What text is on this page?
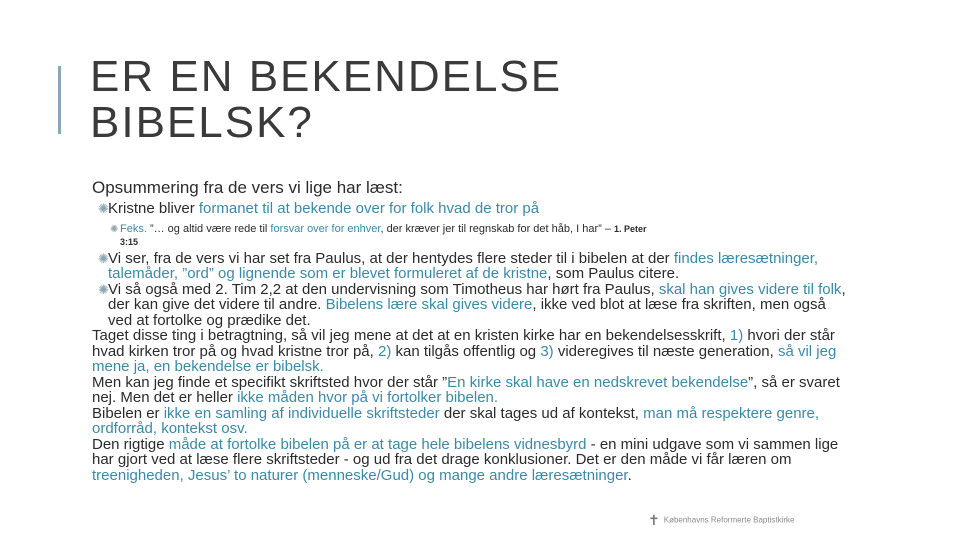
ER EN BEKENDELSE
BIBELSK?

Opsummering fra de vers vi lige har læst:

✺ Kristne bliver formanet til at bekende over for folk hvad de tror på

✺ Feks. ”… og altid være rede til forsvar over for enhver, der kræver jer til regnskab for det håb, I har” – 1. Peter
3:15

✺ Vi ser, fra de vers vi har set fra Paulus, at der hentydes flere steder til i bibelen at der findes læresætninger, talemåder, ”ord” og lignende som er blevet formuleret af de kristne, som Paulus citere.

✺ Vi så også med 2. Tim 2,2 at den undervisning som Timotheus har hørt fra Paulus, skal han gives videre til folk, der kan give det videre til andre. Bibelens lære skal gives videre, ikke ved blot at læse fra skriften, men også ved at fortolke og prædike det.

Taget disse ting i betragtning, så vil jeg mene at det at en kristen kirke har en bekendelsesskrift, 1) hvori der står hvad kirken tror på og hvad kristne tror på, 2) kan tilgås offentlig og 3) videregives til næste generation, så vil jeg mene ja, en bekendelse er bibelsk.

Men kan jeg finde et specifikt skriftsted hvor der står ”En kirke skal have en nedskrevet bekendelse”, så er svaret nej. Men det er heller ikke måden hvor på vi fortolker bibelen.

Bibelen er ikke en samling af individuelle skriftsteder der skal tages ud af kontekst, man må respektere genre, ordforråd, kontekst osv.

Den rigtige måde at fortolke bibelen på er at tage hele bibelens vidnesbyrd - en mini udgave som vi sammen lige har gjort ved at læse flere skriftsteder - og ud fra det drage konklusioner. Det er den måde vi får læren om treenigheden, Jesus’ to naturer (menneske/Gud) og mange andre læresætninger.

✝ Københavns Reformerte Baptistkirke
